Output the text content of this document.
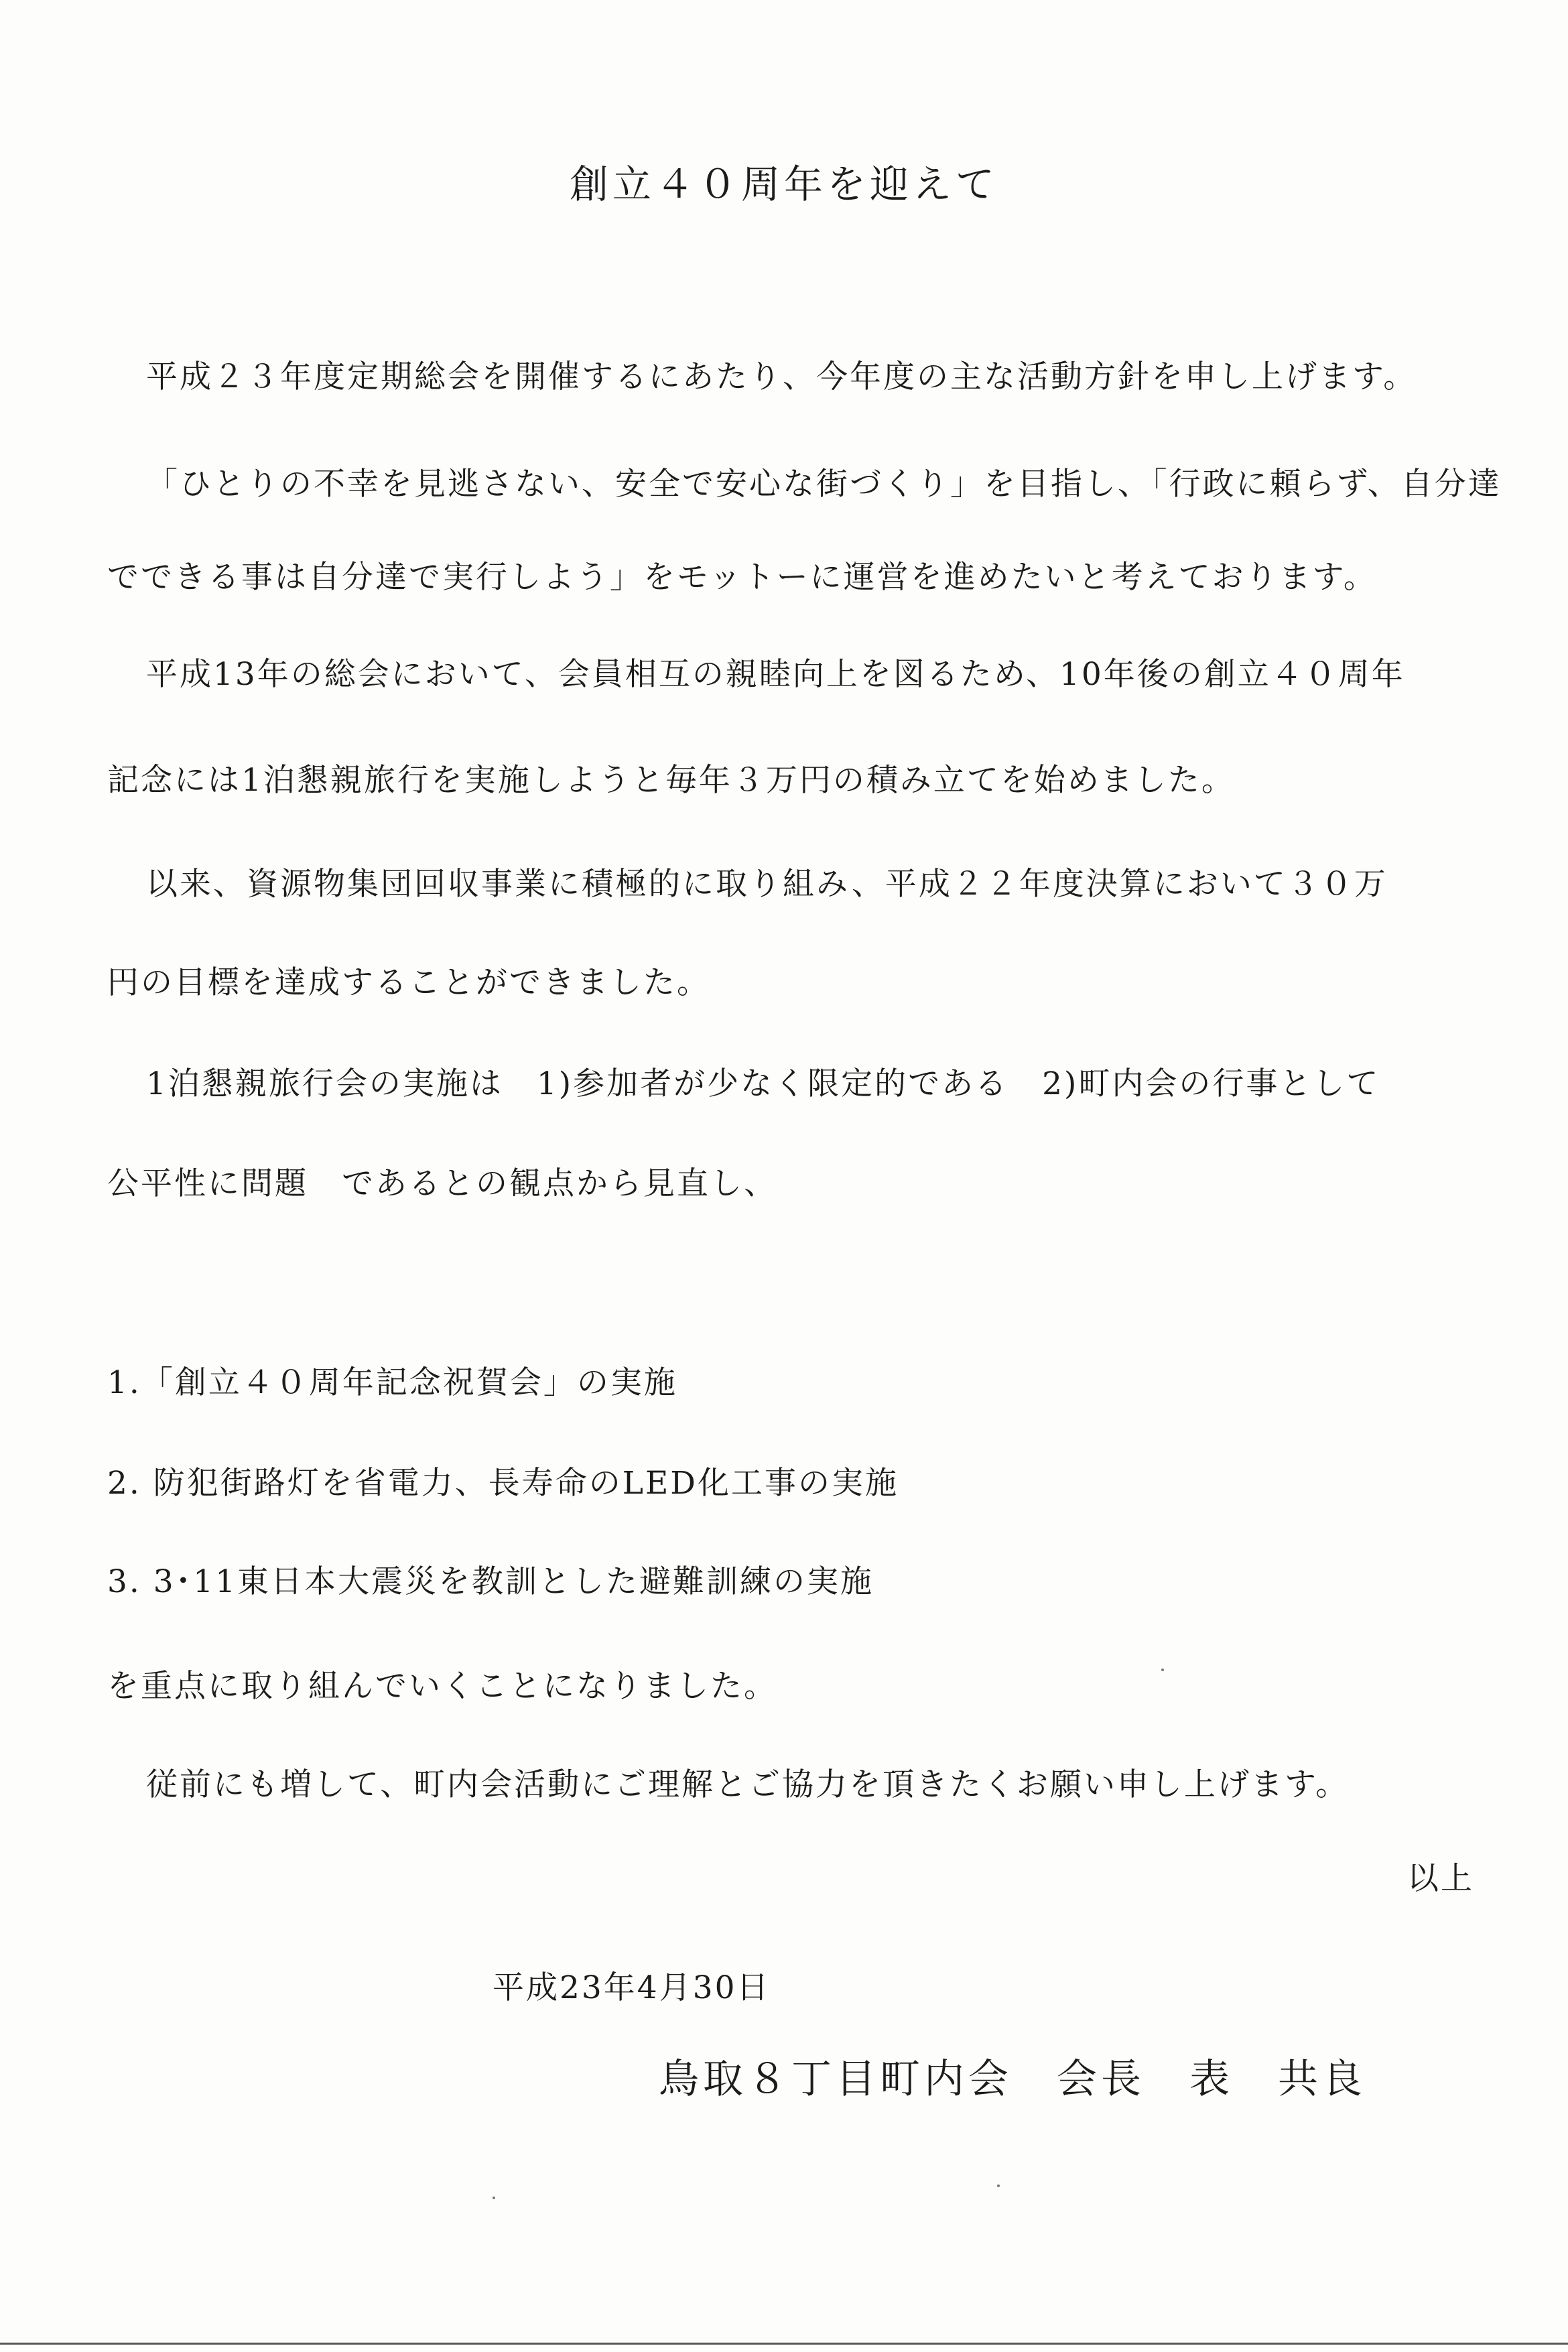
創立４０周年を迎えて
平成２３年度定期総会を開催するにあたり、今年度の主な活動方針を申し上げます。
「ひとりの不幸を見逃さない、安全で安心な街づくり」を目指し、「行政に頼らず、自分達
でできる事は自分達で実行しよう」をモットーに運営を進めたいと考えております。
平成13年の総会において、会員相互の親睦向上を図るため、10年後の創立４０周年
記念には1泊懇親旅行を実施しようと毎年３万円の積み立てを始めました。
以来、資源物集団回収事業に積極的に取り組み、平成２２年度決算において３０万
円の目標を達成することができました。
1泊懇親旅行会の実施は　1)参加者が少なく限定的である　2)町内会の行事として
公平性に問題　であるとの観点から見直し、
1.「創立４０周年記念祝賀会」の実施
2. 防犯街路灯を省電力、長寿命のLED化工事の実施
3. 3･11東日本大震災を教訓とした避難訓練の実施
を重点に取り組んでいくことになりました。
従前にも増して、町内会活動にご理解とご協力を頂きたくお願い申し上げます。
以上
平成23年4月30日
鳥取８丁目町内会　会長　表　共良
